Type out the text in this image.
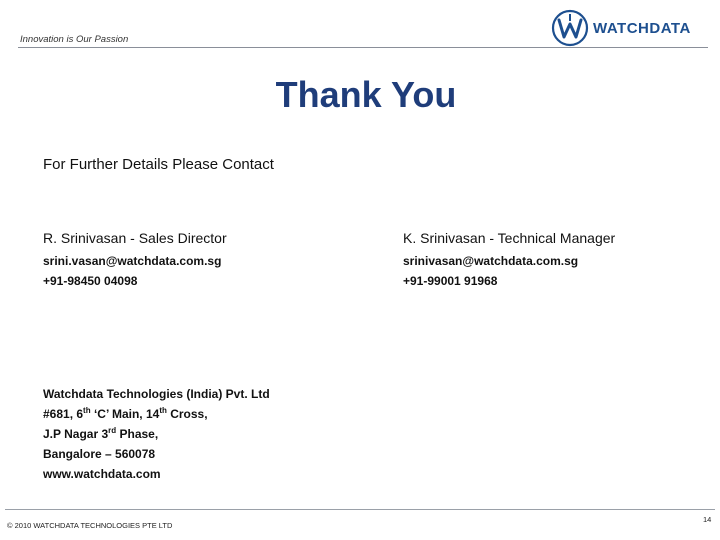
Innovation is Our Passion
WATCHDATA
Thank You
For Further Details Please Contact
R. Srinivasan - Sales Director
srini.vasan@watchdata.com.sg
+91-98450 04098
K. Srinivasan - Technical Manager
srinivasan@watchdata.com.sg
+91-99001 91968
Watchdata Technologies (India) Pvt. Ltd
#681, 6th ‘C’ Main, 14th Cross,
J.P Nagar 3rd Phase,
Bangalore – 560078
www.watchdata.com
© 2010 WATCHDATA TECHNOLOGIES PTE LTD
14
